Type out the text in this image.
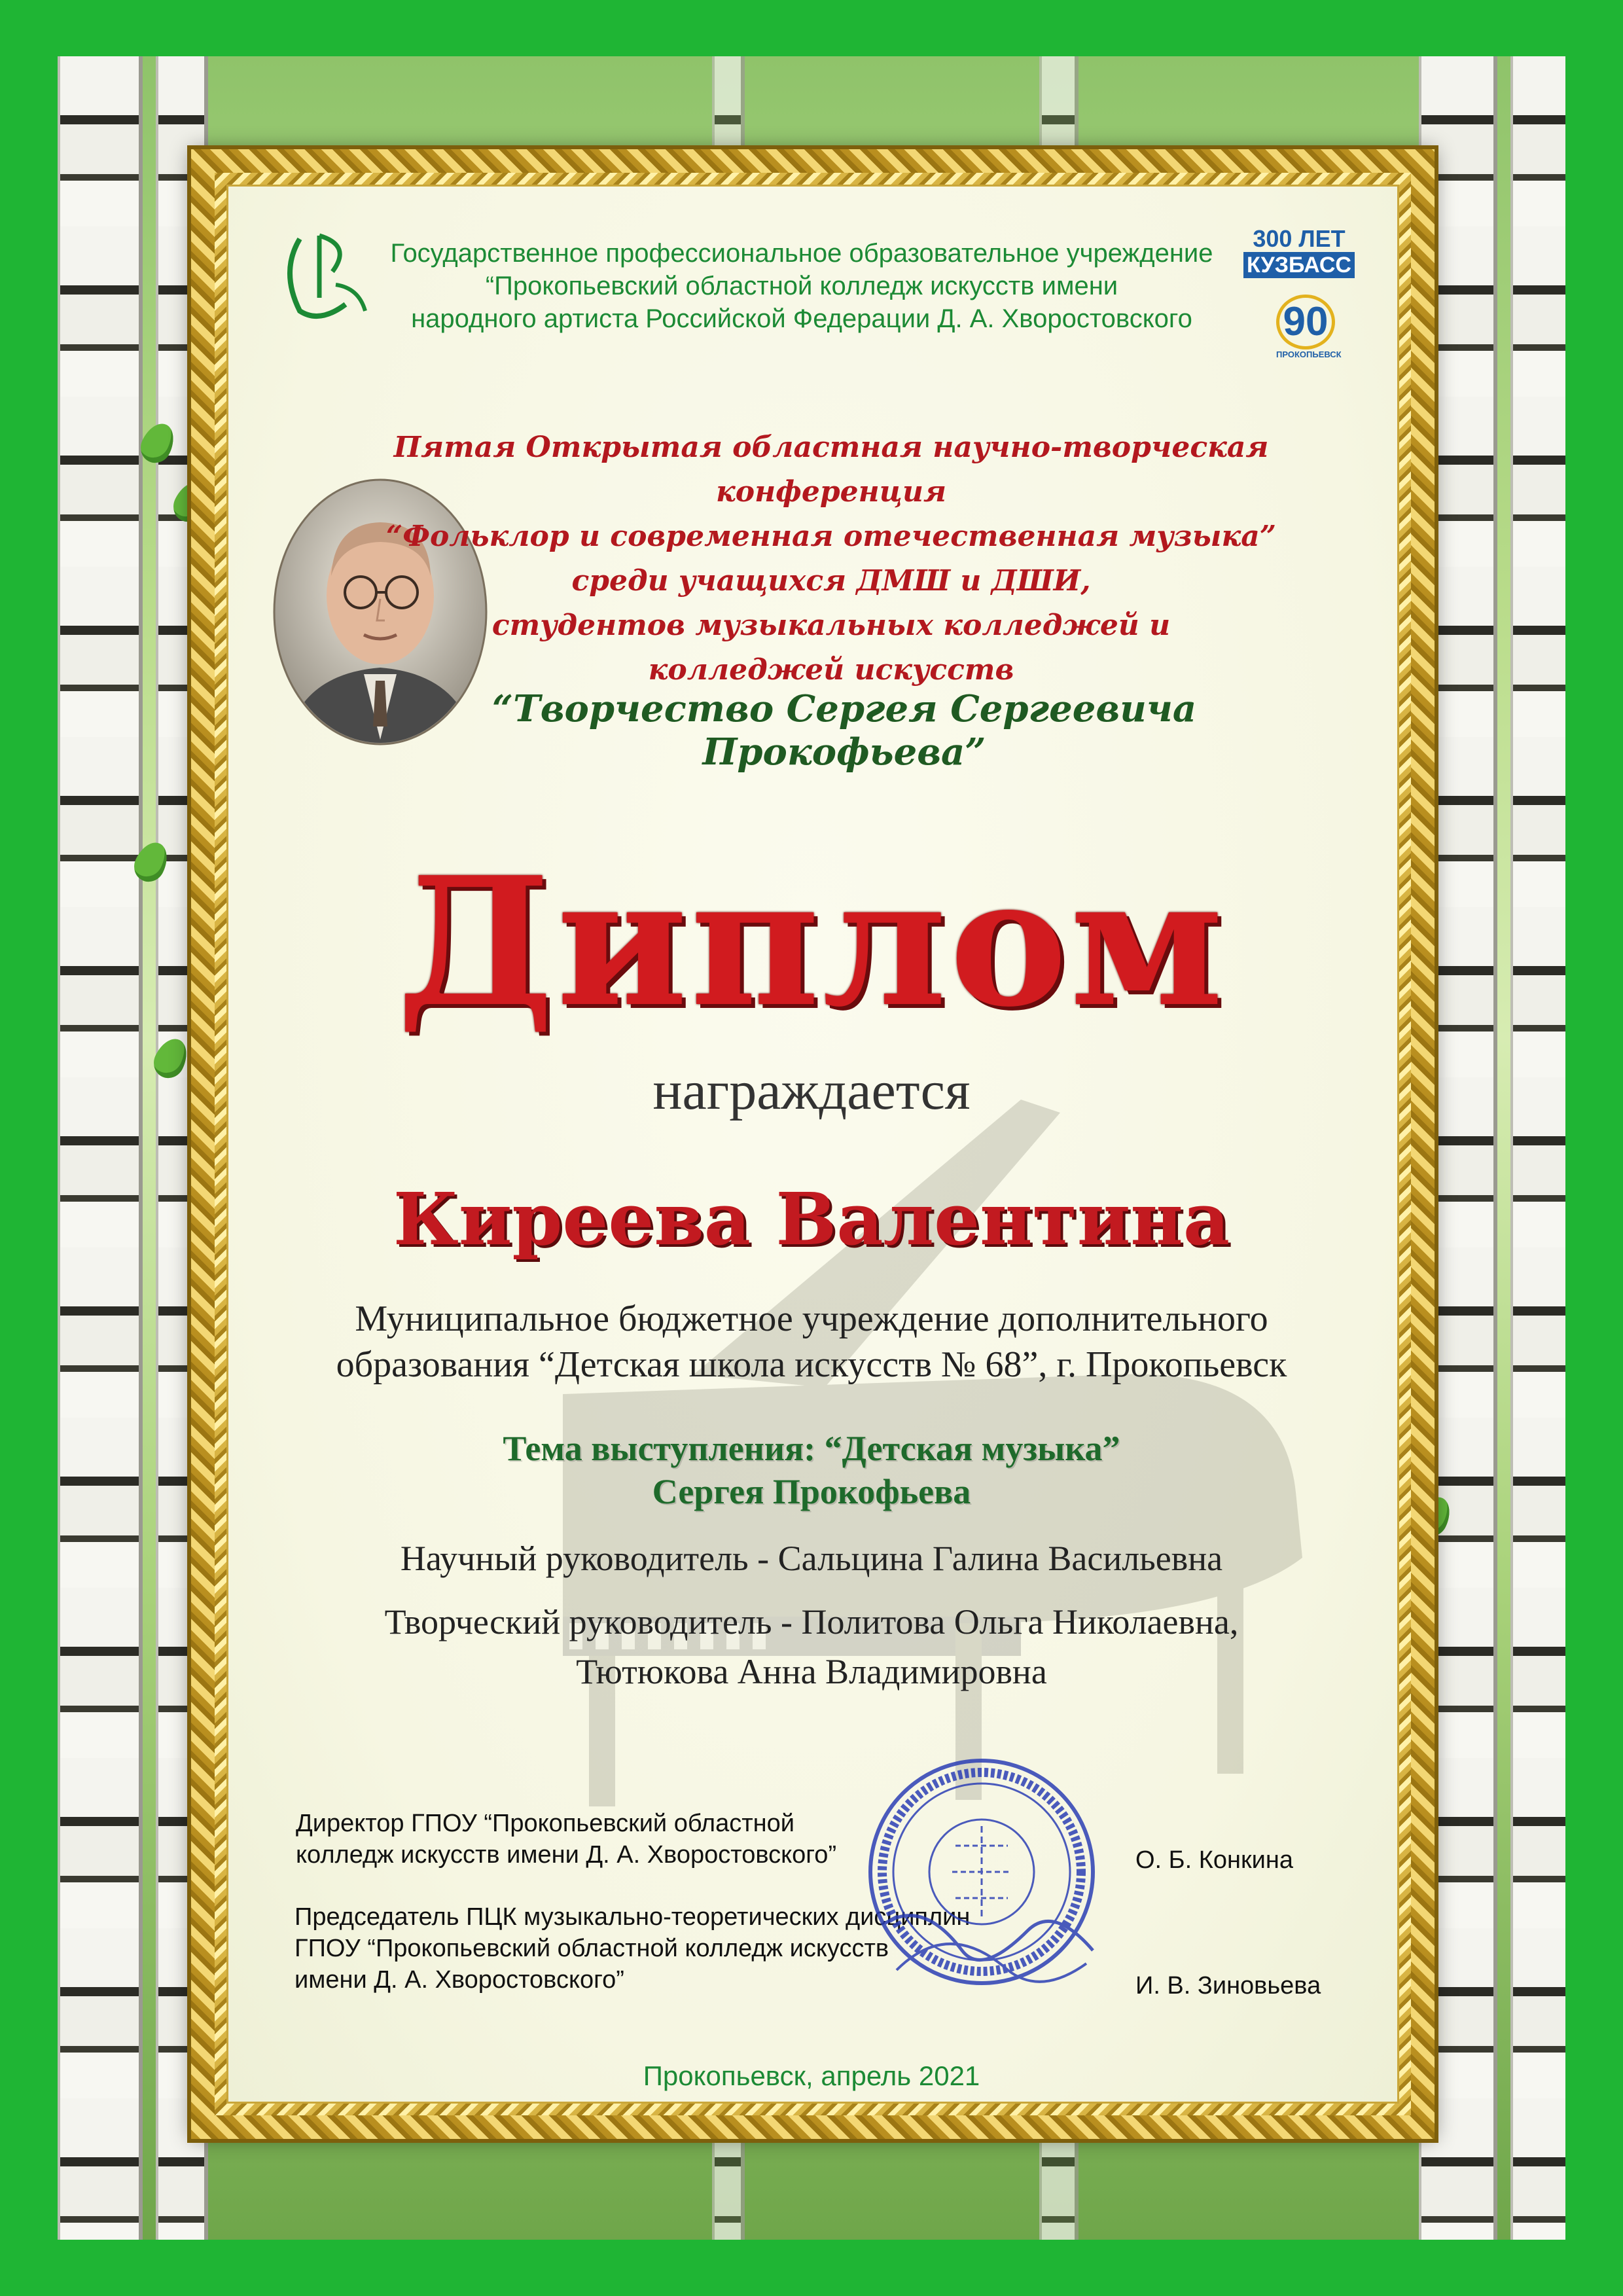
Государственное профессиональное образовательное учреждение
“Прокопьевский областной колледж искусств имени
народного артиста Российской Федерации Д. А. Хворостовского
300 ЛЕТ
КУЗБАСС
90
ПРОКОПЬЕВСК
Пятая Открытая областная научно-творческая конференция
“Фольклор и современная отечественная музыка”
среди учащихся ДМШ и ДШИ,
студентов музыкальных колледжей и
колледжей искусств
“Творчество Сергея Сергеевича Прокофьева”
Диплом
награждается
Киреева Валентина
Муниципальное бюджетное учреждение дополнительного
образования “Детская школа искусств № 68”, г. Прокопьевск
Тема выступления: “Детская музыка”
Сергея Прокофьева
Научный руководитель - Сальцина Галина Васильевна
Творческий руководитель - Политова Ольга Николаевна,
Тютюкова Анна Владимировна
Директор ГПОУ “Прокопьевский областной
колледж искусств имени Д. А. Хворостовского”	О. Б. Конкина
Председатель ПЦК музыкально-теоретических дисциплин
ГПОУ “Прокопьевский областной колледж искусств
имени Д. А. Хворостовского”	И. В. Зиновьева
Прокопьевск, апрель 2021
